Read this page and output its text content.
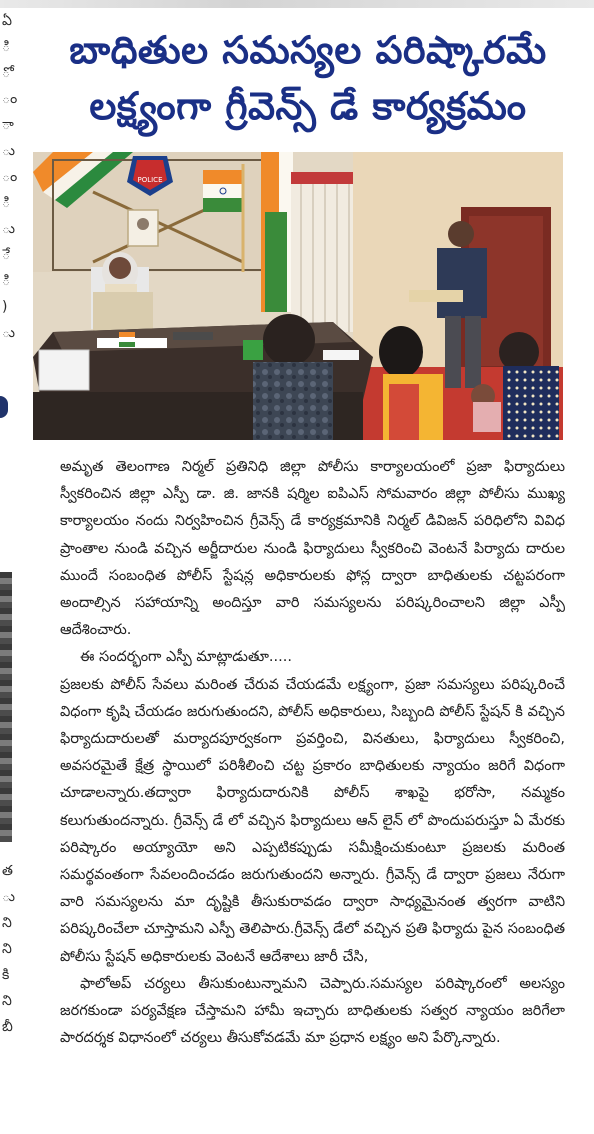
ఏ
ి
ో
ం
ా
ు
ం
ి
ు
ే
ి
)
ు
త
ు
ని
ని
కి
ని
బీ
బాధితుల సమస్యల పరిష్కారమే
లక్ష్యంగా గ్రీవెన్స్ డే కార్యక్రమం
POLICE

అమృత తెలంగాణ నిర్మల్ ప్రతినిధి జిల్లా పోలీసు కార్యాలయంలో ప్రజా ఫిర్యాదులు స్వీకరించిన జిల్లా ఎస్పీ డా. జి. జానకి షర్మిల ఐపిఎస్ సోమవారం జిల్లా పోలీసు ముఖ్య కార్యాలయం నందు నిర్వహించిన గ్రీవెన్స్ డే కార్యక్రమానికి నిర్మల్ డివిజన్ పరిధిలోని వివిధ ప్రాంతాల నుండి వచ్చిన అర్జీదారుల నుండి ఫిర్యాదులు స్వీకరించి వెంటనే పిర్యాదు దారుల ముందే సంబంధిత పోలీస్ స్టేషన్ల అధికారులకు ఫోన్ల ద్వారా బాధితులకు చట్టపరంగా అందాల్సిన సహాయాన్ని అందిస్తూ వారి సమస్యలను పరిష్కరించాలని జిల్లా ఎస్పీ ఆదేశించారు.

ఈ సందర్భంగా ఎస్పీ మాట్లాడుతూ.....

ప్రజలకు పోలీస్ సేవలు మరింత చేరువ చేయడమే లక్ష్యంగా, ప్రజా సమస్యలు పరిష్కరించే విధంగా కృషి చేయడం జరుగుతుందని, పోలీస్ అధికారులు, సిబ్బంది పోలీస్ స్టేషన్ కి వచ్చిన ఫిర్యాదుదారులతో మర్యాదపూర్వకంగా ప్రవర్తించి, వినతులు, ఫిర్యాదులు స్వీకరించి, అవసరమైతే క్షేత్ర స్థాయిలో పరిశీలించి చట్ట ప్రకారం బాధితులకు న్యాయం జరిగే విధంగా చూడాలన్నారు.తద్వారా ఫిర్యాదుదారునికి పోలీస్ శాఖపై భరోసా, నమ్మకం కలుగుతుందన్నారు. గ్రీవెన్స్ డే లో వచ్చిన ఫిర్యాదులు ఆన్ లైన్ లో పొందుపరుస్తూ ఏ మేరకు పరిష్కారం అయ్యాయో అని ఎప్పటికప్పుడు సమీక్షించుకుంటూ ప్రజలకు మరింత సమర్థవంతంగా సేవలందించడం జరుగుతుందని అన్నారు. గ్రీవెన్స్ డే ద్వారా ప్రజలు నేరుగా వారి సమస్యలను మా దృష్టికి తీసుకురావడం ద్వారా సాధ్యమైనంత త్వరగా వాటిని పరిష్కరించేలా చూస్తామని ఎస్పీ తెలిపారు.గ్రీవెన్స్ డేలో వచ్చిన ప్రతి ఫిర్యాదు పైన సంబంధిత పోలీసు స్టేషన్ అధికారులకు వెంటనే ఆదేశాలు జారీ చేసి,

ఫాలోఅప్ చర్యలు తీసుకుంటున్నామని చెప్పారు.సమస్యల పరిష్కారంలో అలస్యం జరగకుండా పర్యవేక్షణ చేస్తామని హామీ ఇచ్చారు బాధితులకు సత్వర న్యాయం జరిగేలా పారదర్శక విధానంలో చర్యలు తీసుకోవడమే మా ప్రధాన లక్ష్యం అని పేర్కొన్నారు.
